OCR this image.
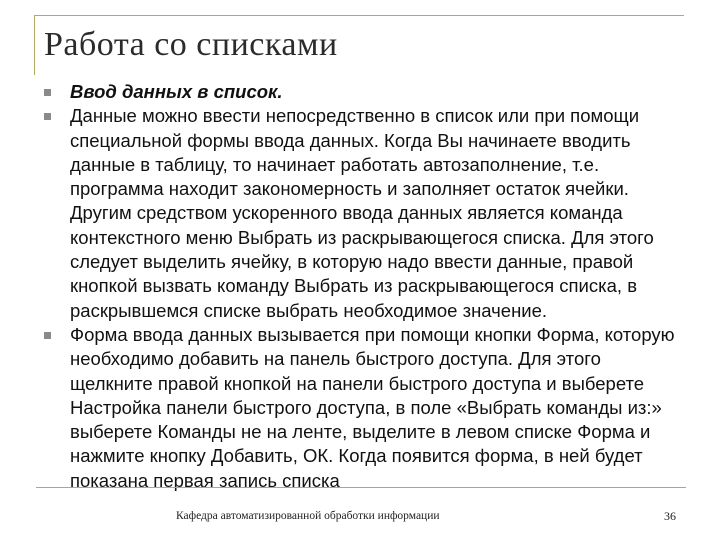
Работа со списками

Ввод данных в список.

Данные можно ввести непосредственно в список или при помощи специальной формы ввода данных. Когда Вы начинаете вводить данные в таблицу, то начинает работать автозаполнение, т.е. программа находит закономерность и заполняет остаток ячейки. Другим средством ускоренного ввода данных является команда контекстного меню Выбрать из раскрывающегося списка. Для этого следует выделить ячейку, в которую надо ввести данные, правой кнопкой вызвать команду Выбрать из раскрывающегося списка, в раскрывшемся списке выбрать необходимое значение.

Форма ввода данных вызывается при помощи кнопки Форма, которую необходимо добавить на панель быстрого доступа. Для этого щелкните правой кнопкой на панели быстрого доступа и выберете Настройка панели быстрого доступа, в поле «Выбрать команды из:» выберете Команды не на ленте, выделите в левом списке Форма и нажмите кнопку Добавить, ОК. Когда появится форма, в ней будет показана первая запись списка

Кафедра автоматизированной обработки информации	36
